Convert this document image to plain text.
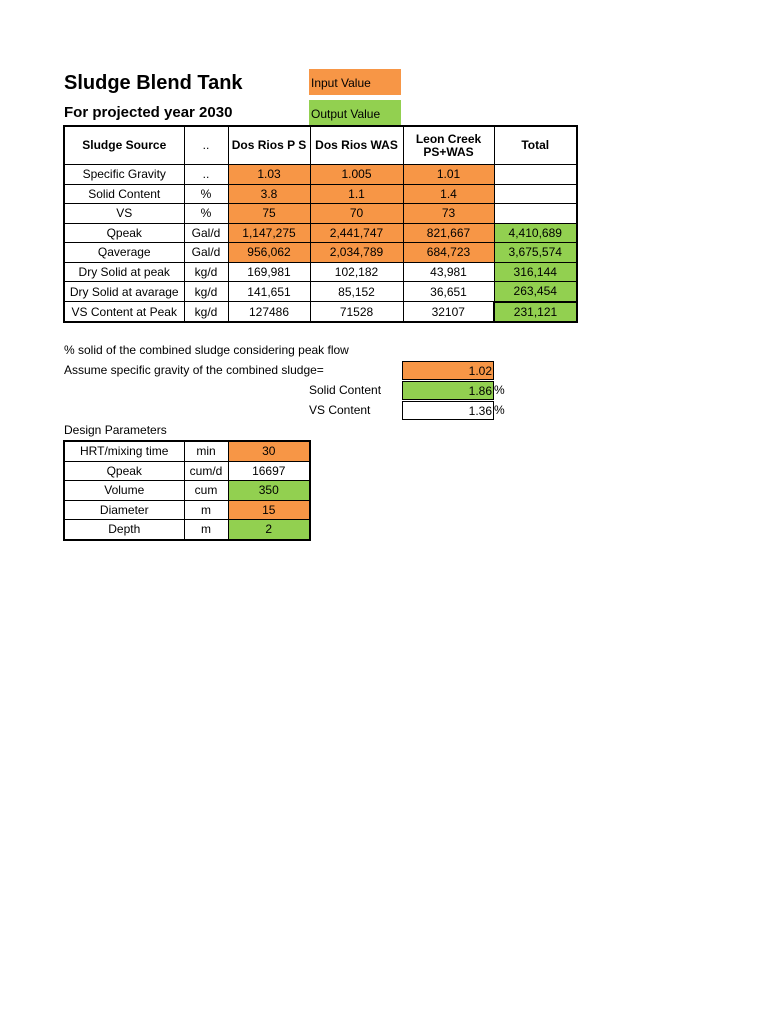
Sludge Blend Tank
For projected year 2030
Input Value
Output Value
Sludge Source	..	Dos Rios P S	Dos Rios WAS	Leon Creek PS+WAS	Total
Specific Gravity	..	1.03	1.005	1.01	
Solid Content	%	3.8	1.1	1.4	
VS	%	75	70	73	
Qpeak	Gal/d	1,147,275	2,441,747	821,667	4,410,689
Qaverage	Gal/d	956,062	2,034,789	684,723	3,675,574
Dry Solid at peak	kg/d	169,981	102,182	43,981	316,144
Dry Solid at avarage	kg/d	141,651	85,152	36,651	263,454
VS Content at Peak	kg/d	127486	71528	32107	231,121
% solid of the combined sludge considering peak flow
Assume specific gravity of the combined sludge=	1.02
Solid Content	1.86 %
VS Content	1.36 %
Design Parameters
HRT/mixing time	min	30
Qpeak	cum/d	16697
Volume	cum	350
Diameter	m	15
Depth	m	2
